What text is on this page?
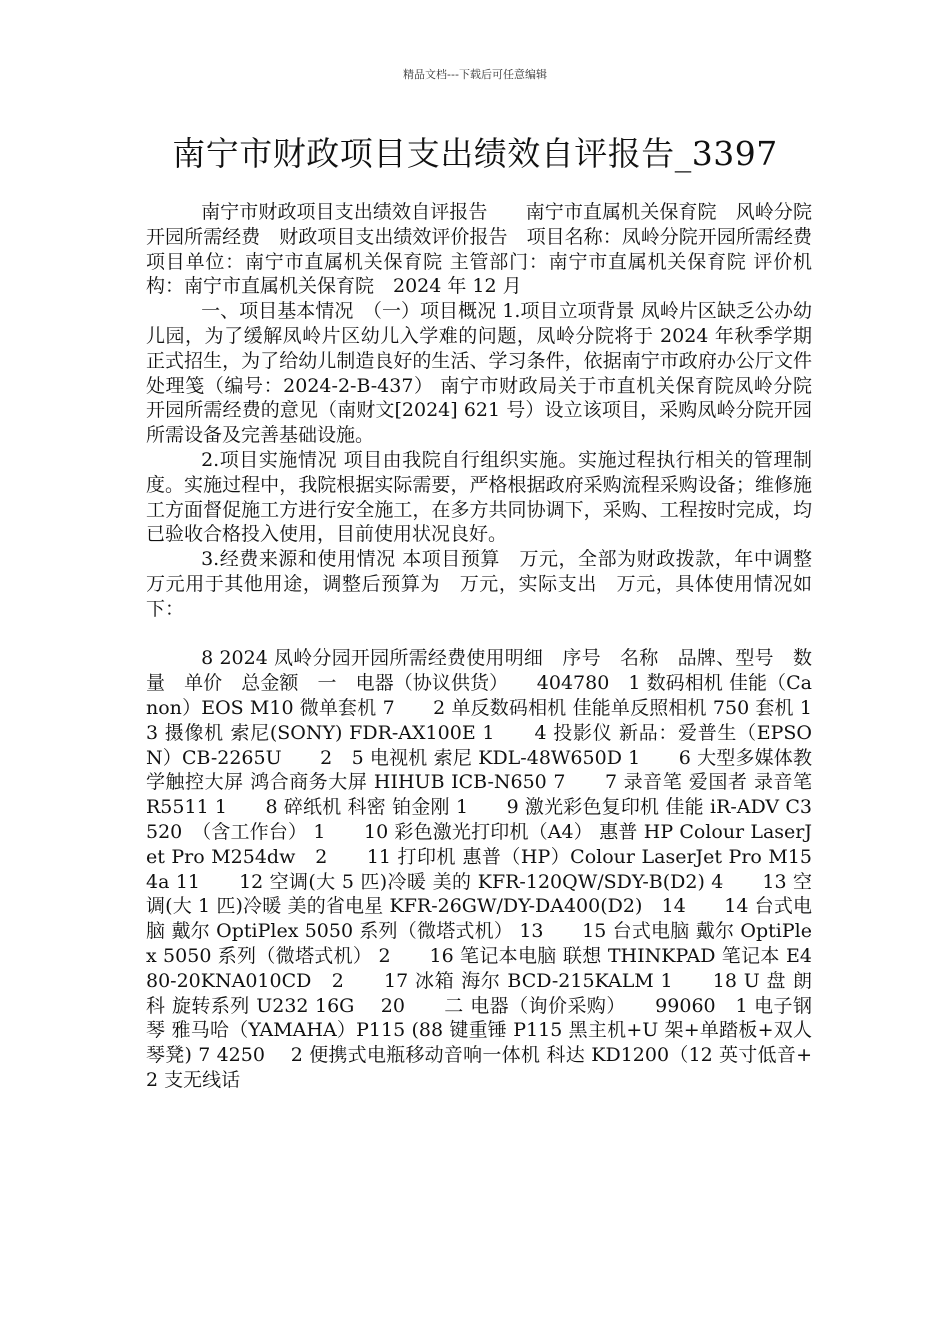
精品文档---下载后可任意编辑
南宁市财政项目支出绩效自评报告_3397

南宁市财政项目支出绩效自评报告　　南宁市直属机关保育院　风岭分院开园所需经费　财政项目支出绩效评价报告　项目名称：凤岭分院开园所需经费　项目单位：南宁市直属机关保育院 主管部门：南宁市直属机关保育院 评价机构：南宁市直属机关保育院　2024 年 12 月

一、项目基本情况　（一）项目概况 1.项目立项背景 凤岭片区缺乏公办幼儿园，为了缓解凤岭片区幼儿入学难的问题，凤岭分院将于 2024 年秋季学期正式招生，为了给幼儿制造良好的生活、学习条件，依据南宁市政府办公厅文件处理笺（编号：2024-2-B-437） 南宁市财政局关于市直机关保育院凤岭分院开园所需经费的意见（南财文[2024] 621 号）设立该项目，采购凤岭分院开园所需设备及完善基础设施。

2.项目实施情况 项目由我院自行组织实施。实施过程执行相关的管理制度。实施过程中，我院根据实际需要，严格根据政府采购流程采购设备；维修施工方面督促施工方进行安全施工，在多方共同协调下，采购、工程按时完成，均已验收合格投入使用，目前使用状况良好。

3.经费来源和使用情况 本项目预算　万元，全部为财政拨款，年中调整　万元用于其他用途，调整后预算为　万元，实际支出　万元，具体使用情况如下：

8 2024 凤岭分园开园所需经费使用明细　序号　名称　品牌、型号　数量　单价　总金额　一　电器（协议供货）　　404780　1 数码相机 佳能（Canon）EOS M10 微单套机 7　　2 单反数码相机 佳能单反照相机 750 套机 1　　3 摄像机 索尼(SONY) FDR-AX100E 1　　4 投影仪 新品：爱普生（EPSON）CB-2265U　　2　5 电视机 索尼 KDL-48W650D 1　　6 大型多媒体教学触控大屏 鸿合商务大屏 HIHUB ICB-N650 7　　7 录音笔 爱国者 录音笔 R5511 1　　8 碎纸机 科密 铂金刚 1　　9 激光彩色复印机 佳能 iR-ADV C3520　（含工作台） 1　　10 彩色激光打印机（A4） 惠普 HP Colour LaserJet Pro M254dw　2　　11 打印机 惠普（HP）Colour LaserJet Pro M154a 11　　12 空调(大 5 匹)冷暖 美的 KFR-120QW/SDY-B(D2) 4　　13 空调(大 1 匹)冷暖 美的省电星 KFR-26GW/DY-DA400(D2)　14　　14 台式电脑 戴尔 OptiPlex 5050 系列（微塔式机） 13　　15 台式电脑 戴尔 OptiPlex 5050 系列（微塔式机） 2　　16 笔记本电脑 联想 THINKPAD 笔记本 E480-20KNA010CD　2　　17 冰箱 海尔 BCD-215KALM 1　　18 U 盘 朗科 旋转系列 U232 16G　 20　　二 电器（询价采购）　　99060　1 电子钢琴 雅马哈（YAMAHA）P115 (88 键重锤 P115 黑主机+U 架+单踏板+双人琴凳) 7 4250　 2 便携式电瓶移动音响一体机 科达 KD1200（12 英寸低音+2 支无线话
